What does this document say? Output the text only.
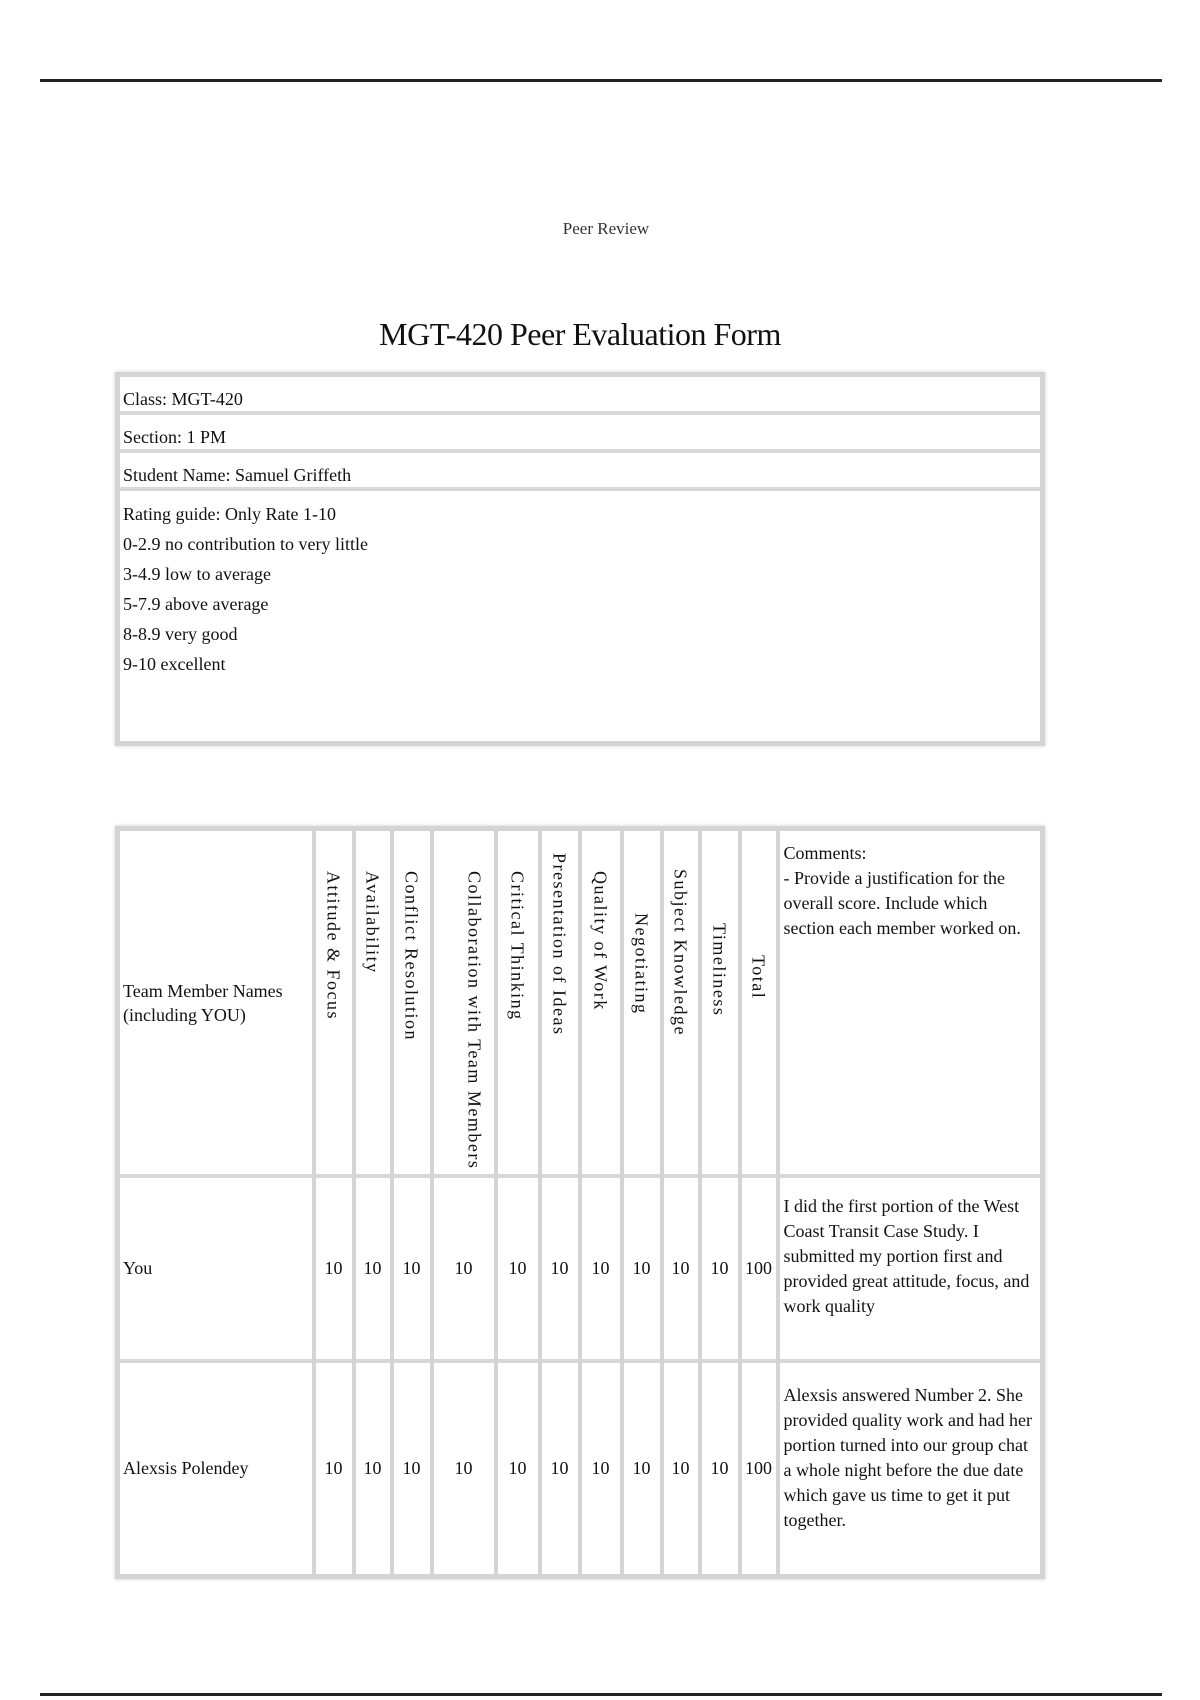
Peer Review
MGT-420 Peer Evaluation Form
Class: MGT-420
Section: 1 PM
Student Name: Samuel Griffeth
Rating guide: Only Rate 1-10
0-2.9 no contribution to very little
3-4.9 low to average
5-7.9 above average
8-8.9 very good
9-10 excellent
Team Member Names (including YOU)	Attitude & Focus	Availability	Conflict Resolution	Collaboration with Team Members	Critical Thinking	Presentation of Ideas	Quality of Work	Negotiating	Subject Knowledge	Timeliness	Total	Comments:
- Provide a justification for the overall score. Include which section each member worked on.
You	10	10	10	10	10	10	10	10	10	10	100	I did the first portion of the West Coast Transit Case Study. I submitted my portion first and provided great attitude, focus, and work quality
Alexsis Polendey	10	10	10	10	10	10	10	10	10	10	100	Alexsis answered Number 2. She provided quality work and had her portion turned into our group chat a whole night before the due date which gave us time to get it put together.
